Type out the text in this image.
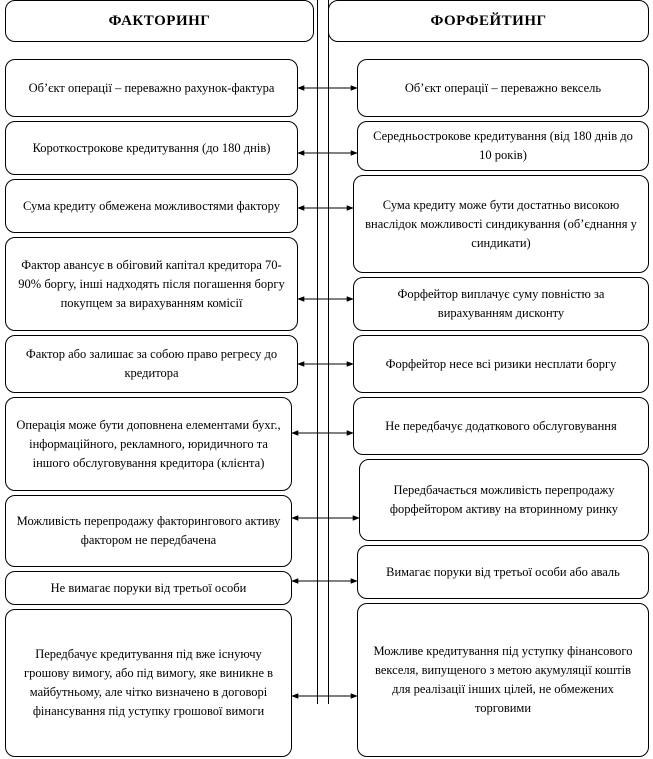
ФАКТОРИНГ	ФОРФЕЙТИНГ
Об’єкт операції – переважно рахунок-фактура
Короткострокове кредитування (до 180 днів)
Сума кредиту обмежена можливостями фактору
Фактор авансує в обіговий капітал кредитора 70-90% боргу, інші надходять після погашення боргу покупцем за вирахуванням комісії
Фактор або залишає за собою право регресу до кредитора
Операція може бути доповнена елементами бухг., інформаційного, рекламного, юридичного та іншого обслуговування кредитора (клієнта)
Можливість перепродажу факторингового активу фактором не передбачена
Не вимагає поруки від третьої особи
Передбачує кредитування під вже існуючу грошову вимогу, або під вимогу, яке виникне в майбутньому, але чітко визначено в договорі фінансування під уступку грошової вимоги
Об’єкт операції – переважно вексель
Середньострокове кредитування (від 180 днів до 10 років)
Сума кредиту може бути достатньо високою внаслідок можливості синдикування (об’єднання у синдикати)
Форфейтор виплачує суму повністю за вирахуванням дисконту
Форфейтор несе всі ризики несплати боргу
Не передбачує додаткового обслуговування
Передбачається можливість перепродажу форфейтором активу на вторинному ринку
Вимагає поруки від третьої особи або аваль
Можливе кредитування під уступку фінансового векселя, випущеного з метою акумуляції коштів для реалізації інших цілей, не обмежених торговими
